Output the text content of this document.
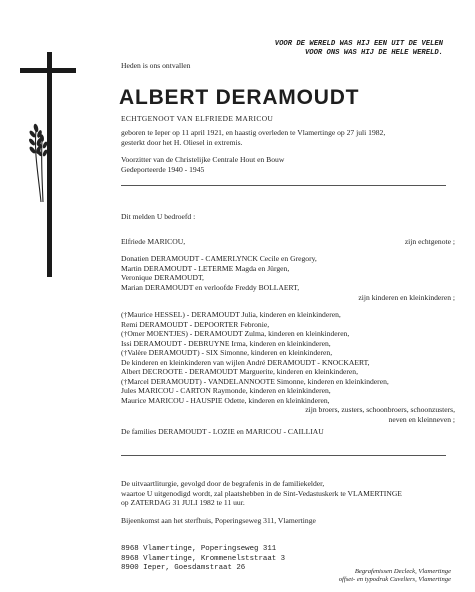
VOOR DE WERELD WAS HIJ EEN UIT DE VELEN
VOOR ONS WAS HIJ DE HELE WERELD.
Heden is ons ontvallen
ALBERT DERAMOUDT
ECHTGENOOT VAN ELFRIEDE MARICOU
geboren te Ieper op 11 april 1921, en haastig overleden te Vlamertinge op 27 juli 1982,
gesterkt door het H. Oliesel in extremis.
Voorzitter van de Christelijke Centrale Hout en Bouw
Gedeporteerde 1940 - 1945
Dit melden U bedroefd :
Elfriede MARICOU,	zijn echtgenote ;
Donatien DERAMOUDT - CAMERLYNCK Cecile en Gregory,
Martin DERAMOUDT - LETERME Magda en Jürgen,
Veronique DERAMOUDT,
Marian DERAMOUDT en verloofde Freddy BOLLAERT,
zijn kinderen en kleinkinderen ;
(†Maurice HESSEL) - DERAMOUDT Julia, kinderen en kleinkinderen,
Remi DERAMOUDT - DEPOORTER Febronie,
(†Omer MOENTJES) - DERAMOUDT Zulma, kinderen en kleinkinderen,
Issi DERAMOUDT - DEBRUYNE Irma, kinderen en kleinkinderen,
(†Valère DERAMOUDT) - SIX Simonne, kinderen en kleinkinderen,
De kinderen en kleinkinderen van wijlen André DERAMOUDT - KNOCKAERT,
Albert DECROOTE - DERAMOUDT Marguerite, kinderen en kleinkinderen,
(†Marcel DERAMOUDT) - VANDELANNOOTE Simonne, kinderen en kleinkinderen,
Jules MARICOU - CARTON Raymonde, kinderen en kleinkinderen,
Maurice MARICOU - HAUSPIE Odette, kinderen en kleinkinderen,
zijn broers, zusters, schoonbroers, schoonzusters,
neven en kleinneven ;
De families DERAMOUDT - LOZIE en MARICOU - CAILLIAU
De uitvaartliturgie, gevolgd door de begrafenis in de familiekelder,
waartoe U uitgenodigd wordt, zal plaatshebben in de Sint-Vedastuskerk te VLAMERTINGE
op ZATERDAG 31 JULI 1982 te 11 uur.
Bijeenkomst aan het sterfhuis, Poperingseweg 311, Vlamertinge
8968 Vlamertinge, Poperingseweg 311
8968 Vlamertinge, Krommenelststraat 3
8900 Ieper, Goesdamstraat 26	Begrafenissen Decleck, Vlamertinge
offset- en typodruk Cuveliers, Vlamertinge
